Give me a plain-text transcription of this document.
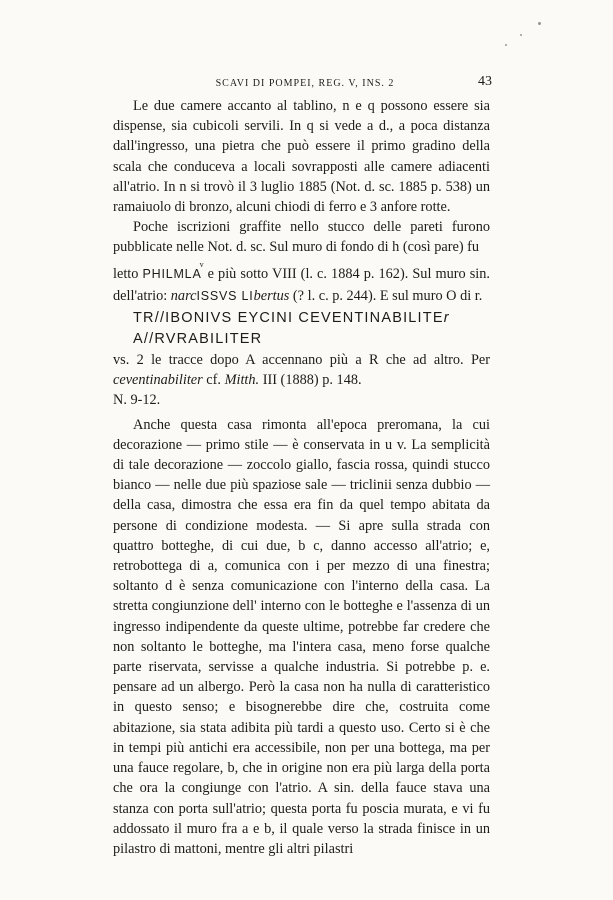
SCAVI DI POMPEI, REG. V, INS. 2	43

Le due camere accanto al tablino, n e q possono essere sia dispense, sia cubicoli servili. In q si vede a d., a poca distanza dall'ingresso, una pietra che può essere il primo gradino della scala che conduceva a locali sovrapposti alle camere adiacenti all'atrio. In n si trovò il 3 luglio 1885 (Not. d. sc. 1885 p. 538) un ramaiuolo di bronzo, alcuni chiodi di ferro e 3 anfore rotte.

Poche iscrizioni graffite nello stucco delle pareti furono pubblicate nelle Not. d. sc. Sul muro di fondo di h (così pare) fu

letto PHILMLA$^v$ e più sotto VIII (l. c. 1884 p. 162). Sul muro sin. dell'atrio: narcISSVS LIbertus (? l. c. p. 244). E sul muro O di r.

TR//IBONIVS EYCINI CEVENTINABILITEr

A//RVRABILITER

vs. 2 le tracce dopo A accennano più a R che ad altro. Per ceventinabiliter cf. Mitth. III (1888) p. 148.

N. 9-12.

Anche questa casa rimonta all'epoca preromana, la cui decorazione — primo stile — è conservata in u v. La semplicità di tale decorazione — zoccolo giallo, fascia rossa, quindi stucco bianco — nelle due più spaziose sale — triclinii senza dubbio — della casa, dimostra che essa era fin da quel tempo abitata da persone di condizione modesta. — Si apre sulla strada con quattro botteghe, di cui due, b c, danno accesso all'atrio; e, retrobottega di a, comunica con i per mezzo di una finestra; soltanto d è senza comunicazione con l'interno della casa. La stretta congiunzione dell' interno con le botteghe e l'assenza di un ingresso indipendente da queste ultime, potrebbe far credere che non soltanto le botteghe, ma l'intera casa, meno forse qualche parte riservata, servisse a qualche industria. Si potrebbe p. e. pensare ad un albergo. Però la casa non ha nulla di caratteristico in questo senso; e bisognerebbe dire che, costruita come abitazione, sia stata adibita più tardi a questo uso. Certo si è che in tempi più antichi era accessibile, non per una bottega, ma per una fauce regolare, b, che in origine non era più larga della porta che ora la congiunge con l'atrio. A sin. della fauce stava una stanza con porta sull'atrio; questa porta fu poscia murata, e vi fu addossato il muro fra a e b, il quale verso la strada finisce in un pilastro di mattoni, mentre gli altri pilastri
